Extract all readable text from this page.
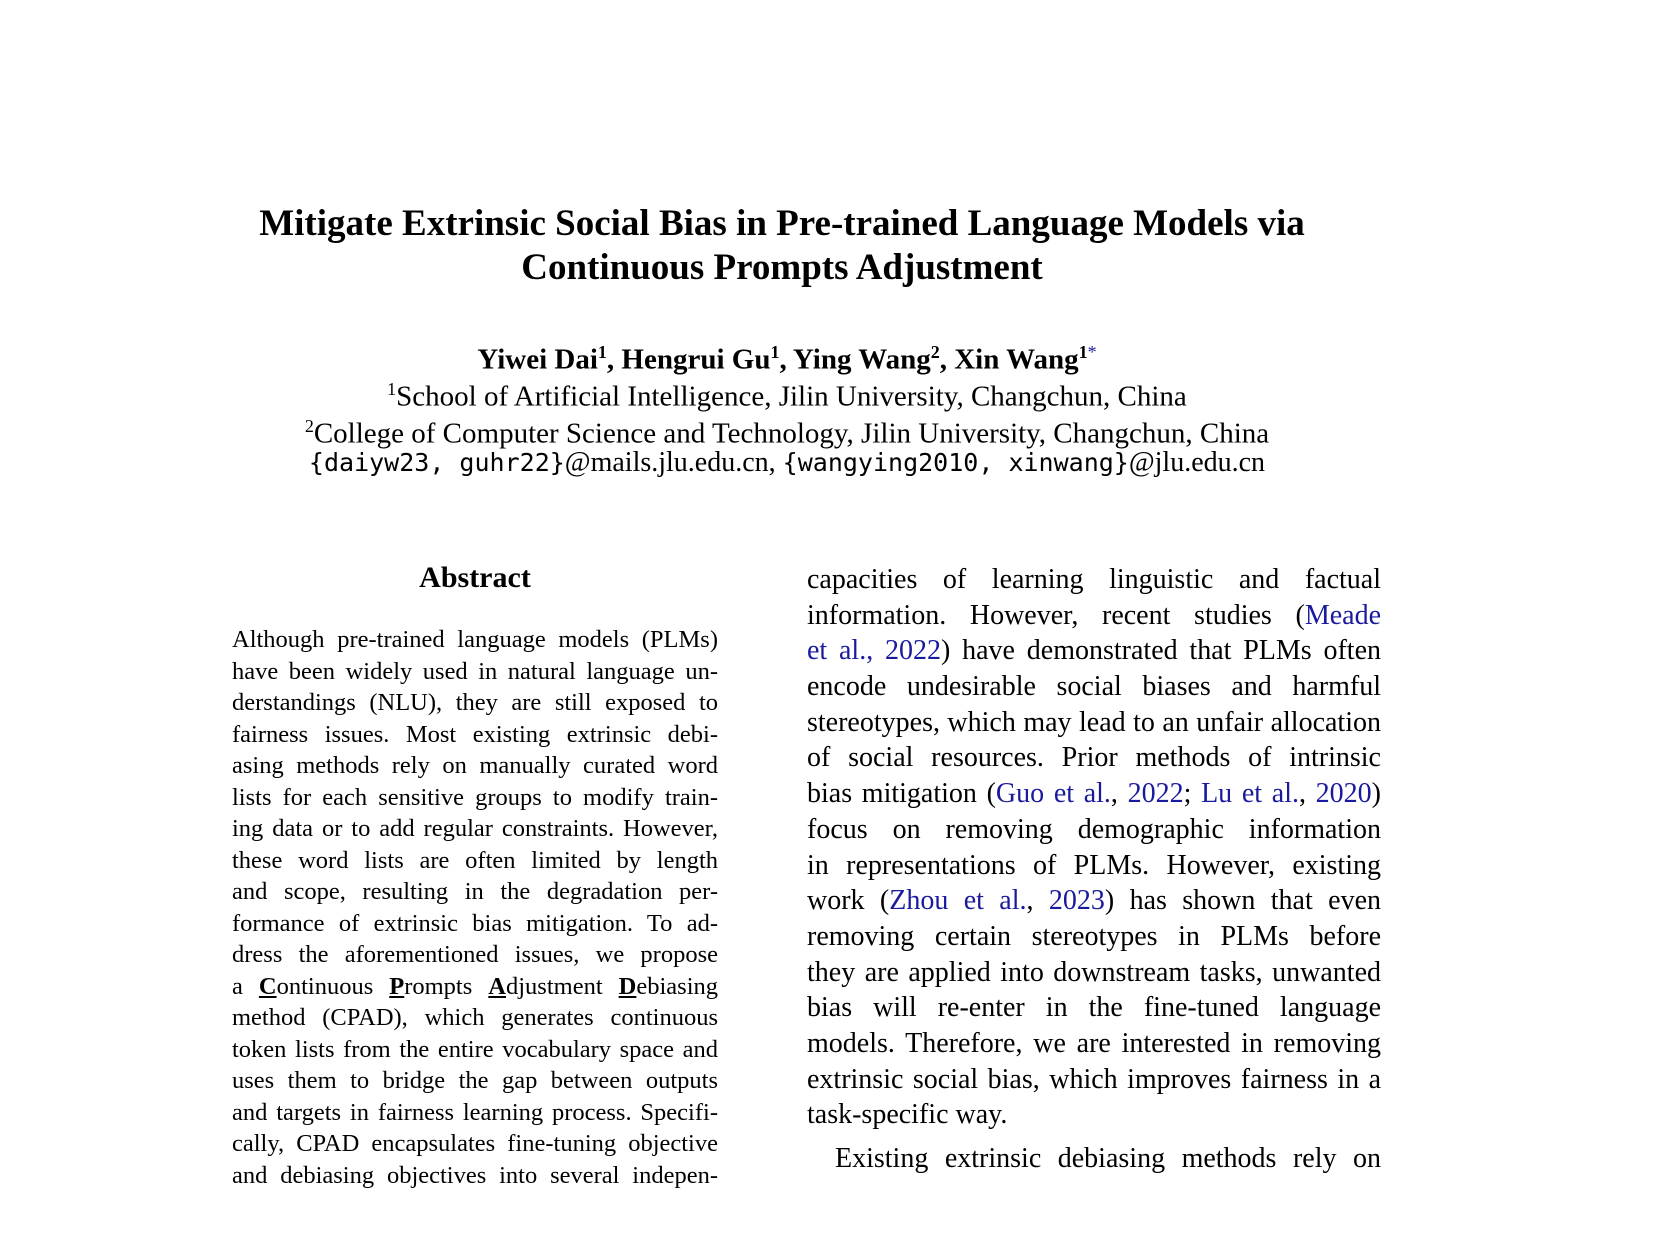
Mitigate Extrinsic Social Bias in Pre-trained Language Models via
Continuous Prompts Adjustment
Yiwei Dai$^1$, Hengrui Gu$^1$, Ying Wang$^2$, Xin Wang$^{1*}$
$^1$School of Artificial Intelligence, Jilin University, Changchun, China
$^2$College of Computer Science and Technology, Jilin University, Changchun, China
{daiyw23, guhr22}@mails.jlu.edu.cn, {wangying2010, xinwang}@jlu.edu.cn
Abstract
Although pre-trained language models (PLMs)
have been widely used in natural language un-
derstandings (NLU), they are still exposed to
fairness issues. Most existing extrinsic debi-
asing methods rely on manually curated word
lists for each sensitive groups to modify train-
ing data or to add regular constraints. However,
these word lists are often limited by length
and scope, resulting in the degradation per-
formance of extrinsic bias mitigation. To ad-
dress the aforementioned issues, we propose
a Continuous Prompts Adjustment Debiasing
method (CPAD), which generates continuous
token lists from the entire vocabulary space and
uses them to bridge the gap between outputs
and targets in fairness learning process. Specifi-
cally, CPAD encapsulates fine-tuning objective
and debiasing objectives into several indepen-
capacities of learning linguistic and factual
information. However, recent studies (Meade
et al., 2022) have demonstrated that PLMs often
encode undesirable social biases and harmful
stereotypes, which may lead to an unfair allocation
of social resources. Prior methods of intrinsic
bias mitigation (Guo et al., 2022; Lu et al., 2020)
focus on removing demographic information
in representations of PLMs. However, existing
work (Zhou et al., 2023) has shown that even
removing certain stereotypes in PLMs before
they are applied into downstream tasks, unwanted
bias will re-enter in the fine-tuned language
models. Therefore, we are interested in removing
extrinsic social bias, which improves fairness in a
task-specific way.
Existing extrinsic debiasing methods rely on
